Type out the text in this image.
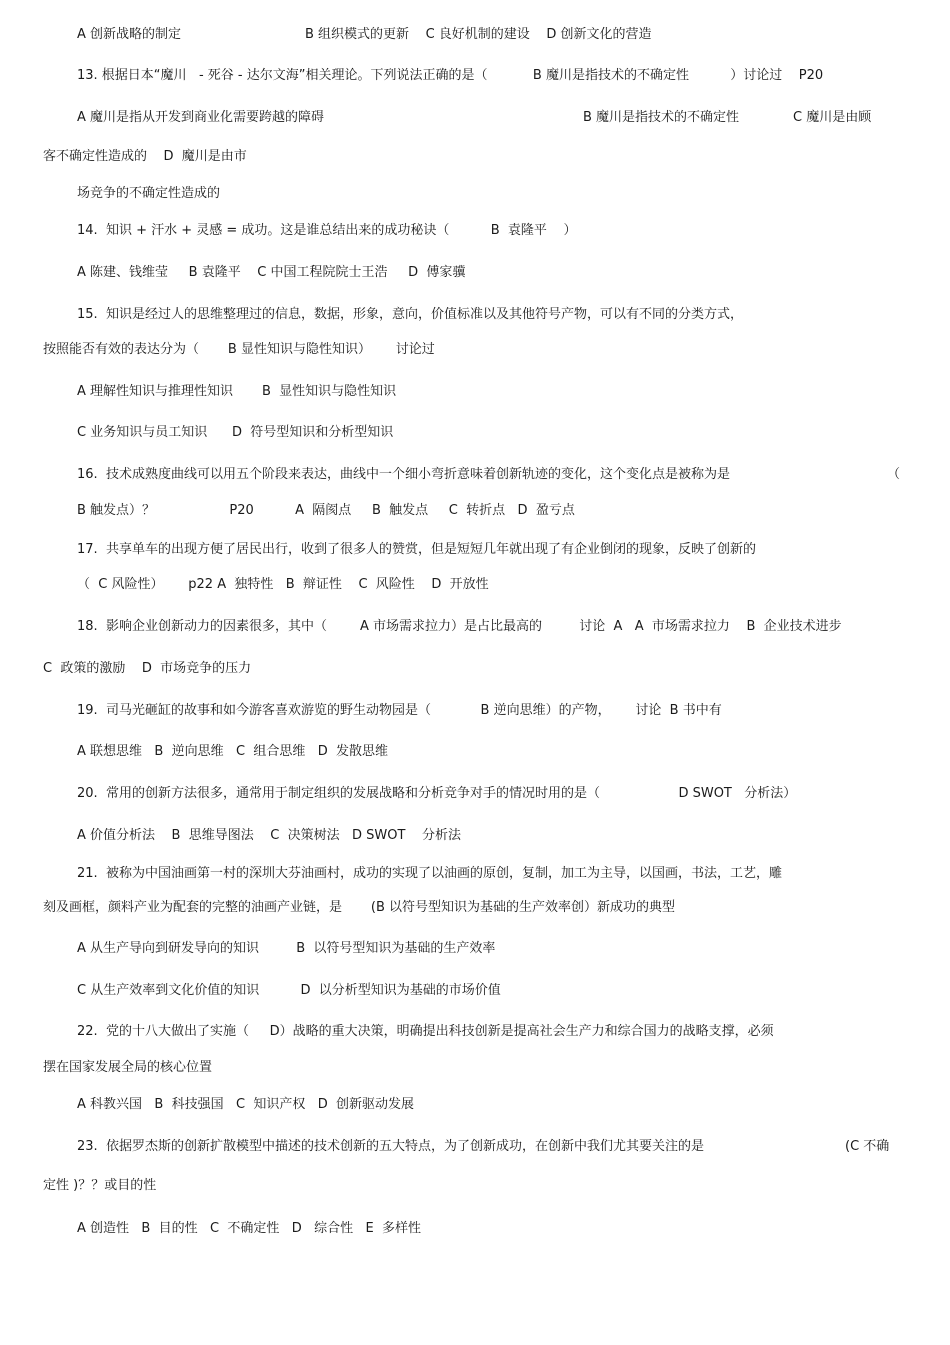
A 创新战略的制定                              B 组织模式的更新    C 良好机制的建设    D 创新文化的营造
13. 根据日本“魔川   - 死谷 - 达尔文海”相关理论。下列说法正确的是（           B 魔川是指技术的不确定性          ）讨论过    P20
A 魔川是指从开发到商业化需要跨越的障碍	B 魔川是指技术的不确定性	C 魔川是由顾
客不确定性造成的    D  魔川是由市
场竞争的不确定性造成的
14.  知识 + 汗水 + 灵感 = 成功。这是谁总结出来的成功秘诀（          B  袁隆平    ）
A 陈建、钱维莹     B 袁隆平    C 中国工程院院士王浩     D  傅家骥
15.  知识是经过人的思维整理过的信息，数据，形象，意向，价值标准以及其他符号产物，可以有不同的分类方式，
按照能否有效的表达分为（       B 显性知识与隐性知识）      讨论过
A 理解性知识与推理性知识       B  显性知识与隐性知识
C 业务知识与员工知识      D  符号型知识和分析型知识
16.  技术成熟度曲线可以用五个阶段来表达，曲线中一个细小弯折意味着创新轨迹的变化，这个变化点是被称为是	（
B 触发点）？                  P20          A  隔阂点     B  触发点     C  转折点   D  盈亏点
17.  共享单车的出现方便了居民出行，收到了很多人的赞赏，但是短短几年就出现了有企业倒闭的现象，反映了创新的
（  C 风险性）      p22 A  独特性   B  辩证性    C  风险性    D  开放性
18.  影响企业创新动力的因素很多，其中（        A 市场需求拉力）是占比最高的         讨论  A   A  市场需求拉力    B  企业技术进步
C  政策的激励    D  市场竞争的压力
19.  司马光砸缸的故事和如今游客喜欢游览的野生动物园是（            B 逆向思维）的产物，      讨论  B 书中有
A 联想思维   B  逆向思维   C  组合思维   D  发散思维
20.  常用的创新方法很多，通常用于制定组织的发展战略和分析竞争对手的情况时用的是（                   D SWOT   分析法）
A 价值分析法    B  思维导图法    C  决策树法   D SWOT    分析法
21.  被称为中国油画第一村的深圳大芬油画村，成功的实现了以油画的原创，复制，加工为主导，以国画，书法，工艺，雕
刻及画框，颜料产业为配套的完整的油画产业链，是       (B 以符号型知识为基础的生产效率创）新成功的典型
A 从生产导向到研发导向的知识         B  以符号型知识为基础的生产效率
C 从生产效率到文化价值的知识          D  以分析型知识为基础的市场价值
22.  党的十八大做出了实施（     D）战略的重大决策，明确提出科技创新是提高社会生产力和综合国力的战略支撑，必须
摆在国家发展全局的核心位置
A 科教兴国   B  科技强国   C  知识产权   D  创新驱动发展
23.  依据罗杰斯的创新扩散模型中描述的技术创新的五大特点，为了创新成功，在创新中我们尤其要关注的是	(C 不确
定性 )？？或目的性
A 创造性   B  目的性   C  不确定性   D   综合性   E  多样性
